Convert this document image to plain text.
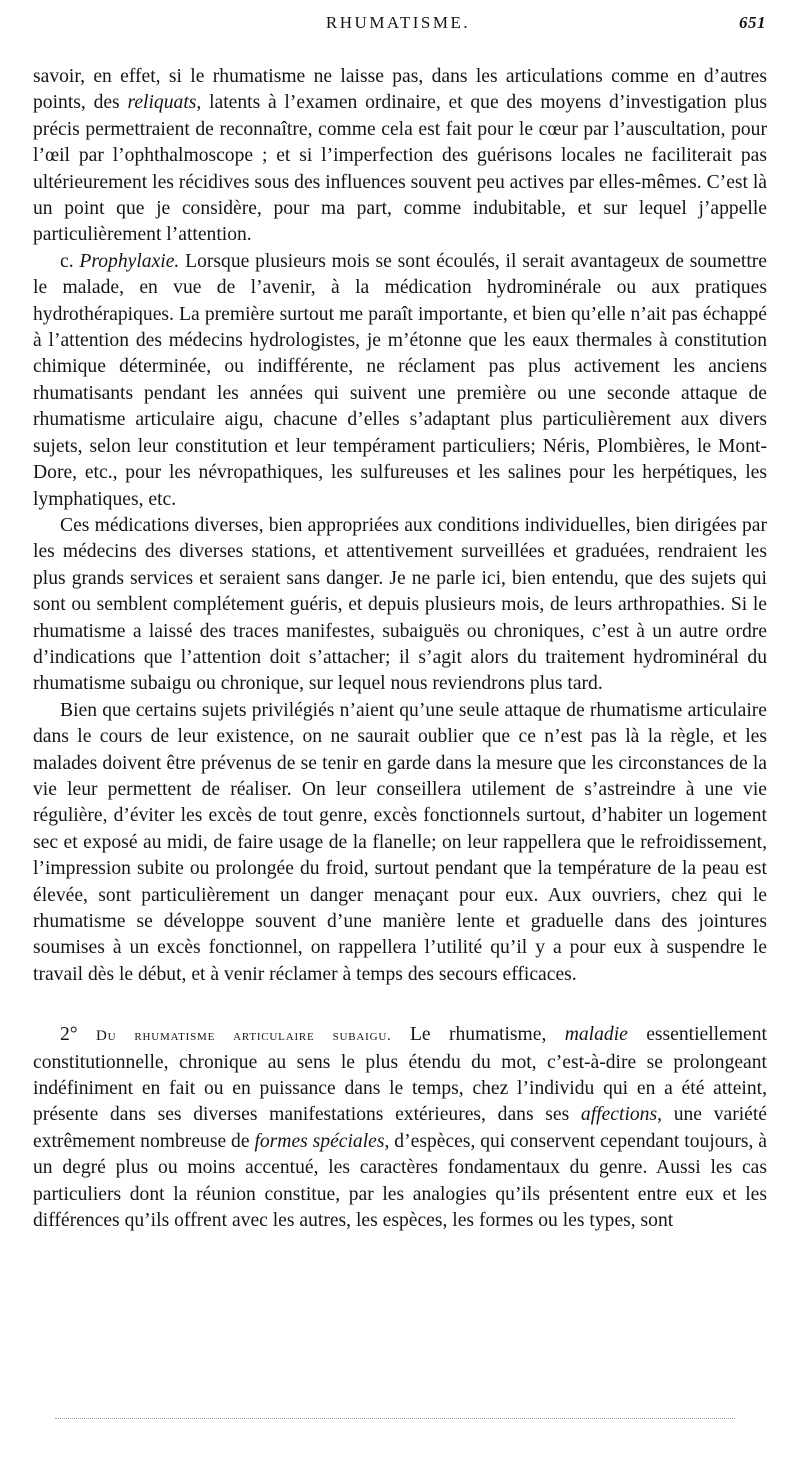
RHUMATISME.	651

savoir, en effet, si le rhumatisme ne laisse pas, dans les articulations comme en d’autres points, des reliquats, latents à l’examen ordinaire, et que des moyens d’investigation plus précis permettraient de reconnaître, comme cela est fait pour le cœur par l’auscultation, pour l’œil par l’ophthalmoscope ; et si l’imperfection des guérisons locales ne faciliterait pas ultérieurement les récidives sous des influences souvent peu actives par elles-mêmes. C’est là un point que je considère, pour ma part, comme indubitable, et sur lequel j’appelle particulièrement l’attention.

c. Prophylaxie. Lorsque plusieurs mois se sont écoulés, il serait avantageux de soumettre le malade, en vue de l’avenir, à la médication hydrominérale ou aux pratiques hydrothérapiques. La première surtout me paraît importante, et bien qu’elle n’ait pas échappé à l’attention des médecins hydrologistes, je m’étonne que les eaux thermales à constitution chimique déterminée, ou indifférente, ne réclament pas plus activement les anciens rhumatisants pendant les années qui suivent une première ou une seconde attaque de rhumatisme articulaire aigu, chacune d’elles s’adaptant plus particulièrement aux divers sujets, selon leur constitution et leur tempérament particuliers; Néris, Plombières, le Mont-Dore, etc., pour les névropathiques, les sulfureuses et les salines pour les herpétiques, les lymphatiques, etc.

Ces médications diverses, bien appropriées aux conditions individuelles, bien dirigées par les médecins des diverses stations, et attentivement surveillées et graduées, rendraient les plus grands services et seraient sans danger. Je ne parle ici, bien entendu, que des sujets qui sont ou semblent complétement guéris, et depuis plusieurs mois, de leurs arthropathies. Si le rhumatisme a laissé des traces manifestes, subaiguës ou chroniques, c’est à un autre ordre d’indications que l’attention doit s’attacher; il s’agit alors du traitement hydrominéral du rhumatisme subaigu ou chronique, sur lequel nous reviendrons plus tard.

Bien que certains sujets privilégiés n’aient qu’une seule attaque de rhumatisme articulaire dans le cours de leur existence, on ne saurait oublier que ce n’est pas là la règle, et les malades doivent être prévenus de se tenir en garde dans la mesure que les circonstances de la vie leur permettent de réaliser. On leur conseillera utilement de s’astreindre à une vie régulière, d’éviter les excès de tout genre, excès fonctionnels surtout, d’habiter un logement sec et exposé au midi, de faire usage de la flanelle; on leur rappellera que le refroidissement, l’impression subite ou prolongée du froid, surtout pendant que la température de la peau est élevée, sont particulièrement un danger menaçant pour eux. Aux ouvriers, chez qui le rhumatisme se développe souvent d’une manière lente et graduelle dans des jointures soumises à un excès fonctionnel, on rappellera l’utilité qu’il y a pour eux à suspendre le travail dès le début, et à venir réclamer à temps des secours efficaces.

2° Du rhumatisme articulaire subaigu. Le rhumatisme, maladie essentiellement constitutionnelle, chronique au sens le plus étendu du mot, c’est-à-dire se prolongeant indéfiniment en fait ou en puissance dans le temps, chez l’individu qui en a été atteint, présente dans ses diverses manifestations extérieures, dans ses affections, une variété extrêmement nombreuse de formes spéciales, d’espèces, qui conservent cependant toujours, à un degré plus ou moins accentué, les caractères fondamentaux du genre. Aussi les cas particuliers dont la réunion constitue, par les analogies qu’ils présentent entre eux et les différences qu’ils offrent avec les autres, les espèces, les formes ou les types, sont
